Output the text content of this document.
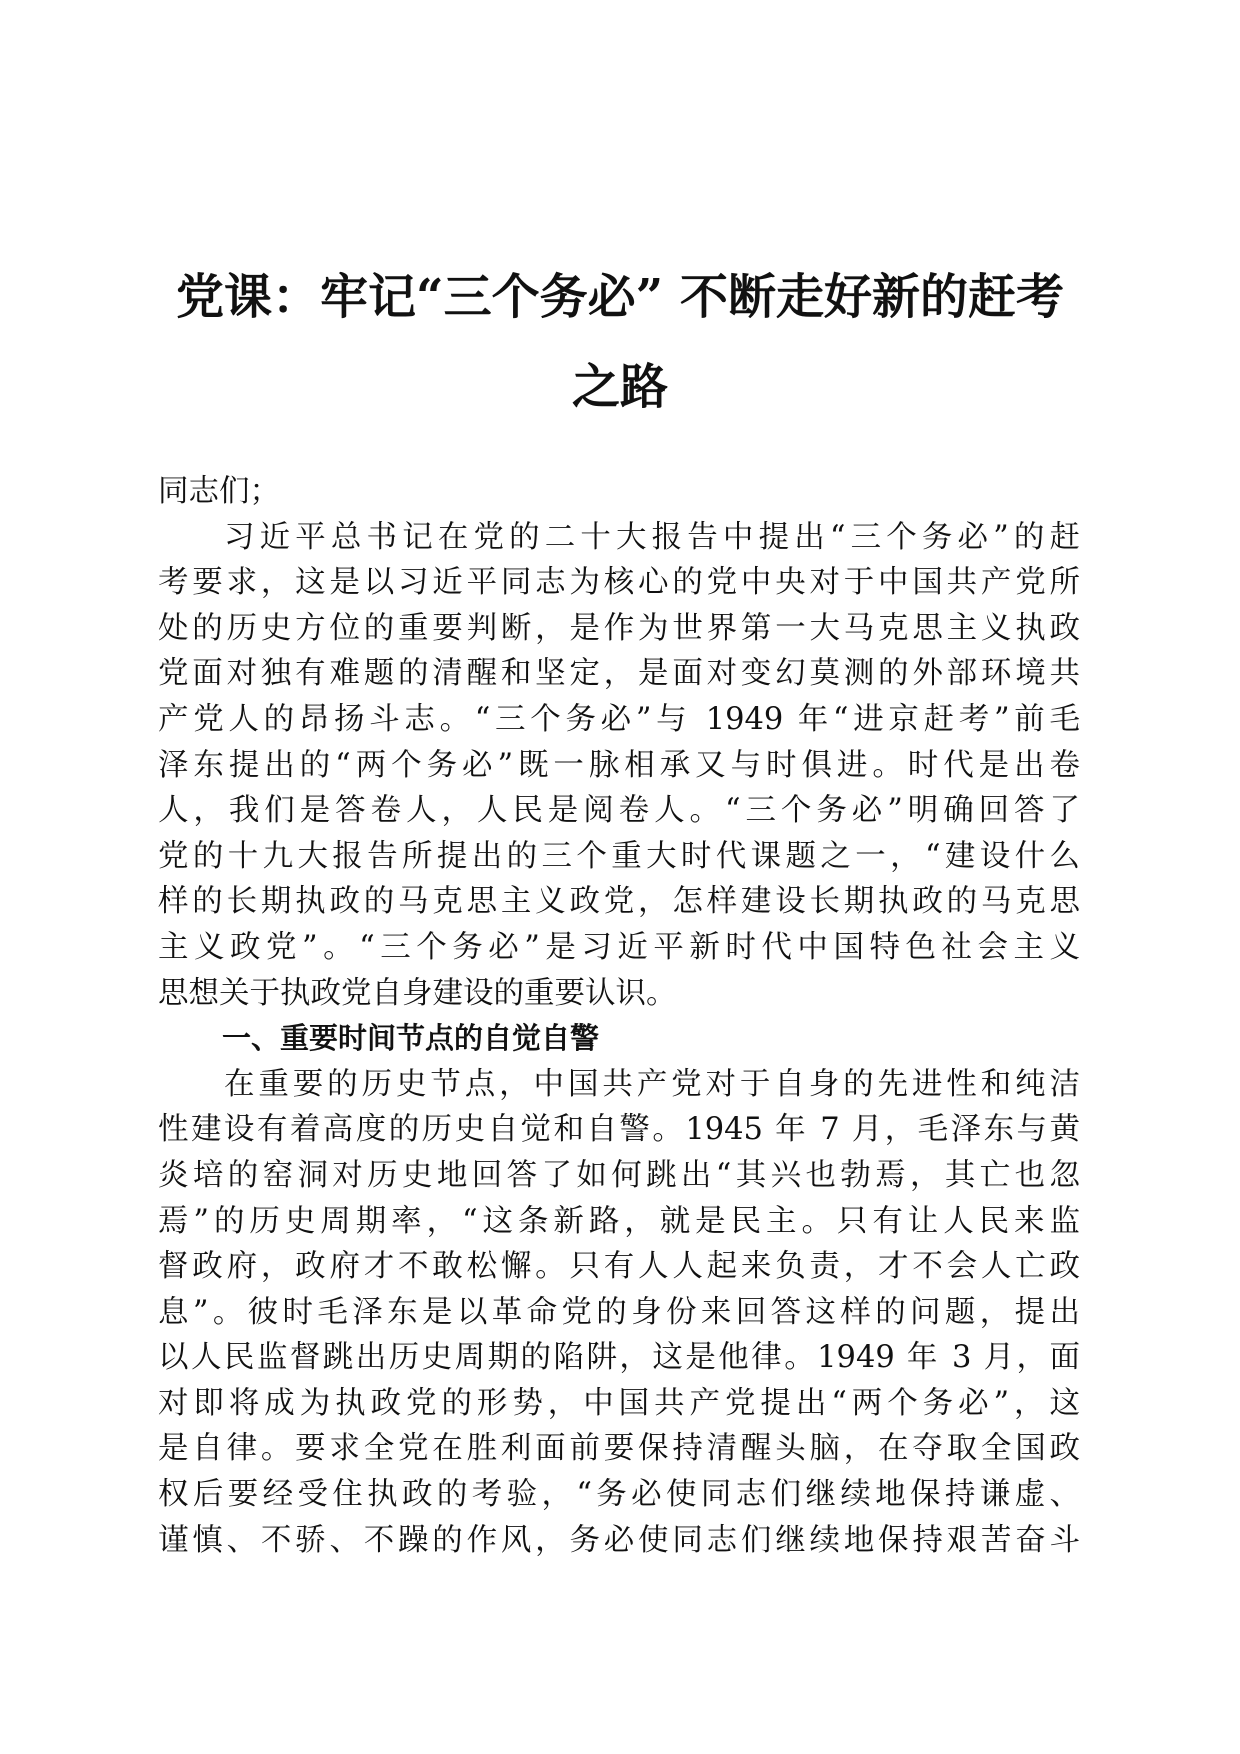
党课：牢记“三个务必” 不断走好新的赶考
之路

同志们；

习近平总书记在党的二十大报告中提出“三个务必”的赶
考要求，这是以习近平同志为核心的党中央对于中国共产党所
处的历史方位的重要判断，是作为世界第一大马克思主义执政
党面对独有难题的清醒和坚定，是面对变幻莫测的外部环境共
产党人的昂扬斗志。“三个务必”与 1949 年“进京赶考”前毛
泽东提出的“两个务必”既一脉相承又与时俱进。时代是出卷
人，我们是答卷人，人民是阅卷人。“三个务必”明确回答了
党的十九大报告所提出的三个重大时代课题之一，“建设什么
样的长期执政的马克思主义政党，怎样建设长期执政的马克思
主义政党”。“三个务必”是习近平新时代中国特色社会主义
思想关于执政党自身建设的重要认识。

一、重要时间节点的自觉自警

在重要的历史节点，中国共产党对于自身的先进性和纯洁
性建设有着高度的历史自觉和自警。1945 年 7 月，毛泽东与黄
炎培的窑洞对历史地回答了如何跳出“其兴也勃焉，其亡也忽
焉”的历史周期率，“这条新路，就是民主。只有让人民来监
督政府，政府才不敢松懈。只有人人起来负责，才不会人亡政
息”。彼时毛泽东是以革命党的身份来回答这样的问题，提出
以人民监督跳出历史周期的陷阱，这是他律。1949 年 3 月，面
对即将成为执政党的形势，中国共产党提出“两个务必”，这
是自律。要求全党在胜利面前要保持清醒头脑，在夺取全国政
权后要经受住执政的考验，“务必使同志们继续地保持谦虚、
谨慎、不骄、不躁的作风，务必使同志们继续地保持艰苦奋斗
